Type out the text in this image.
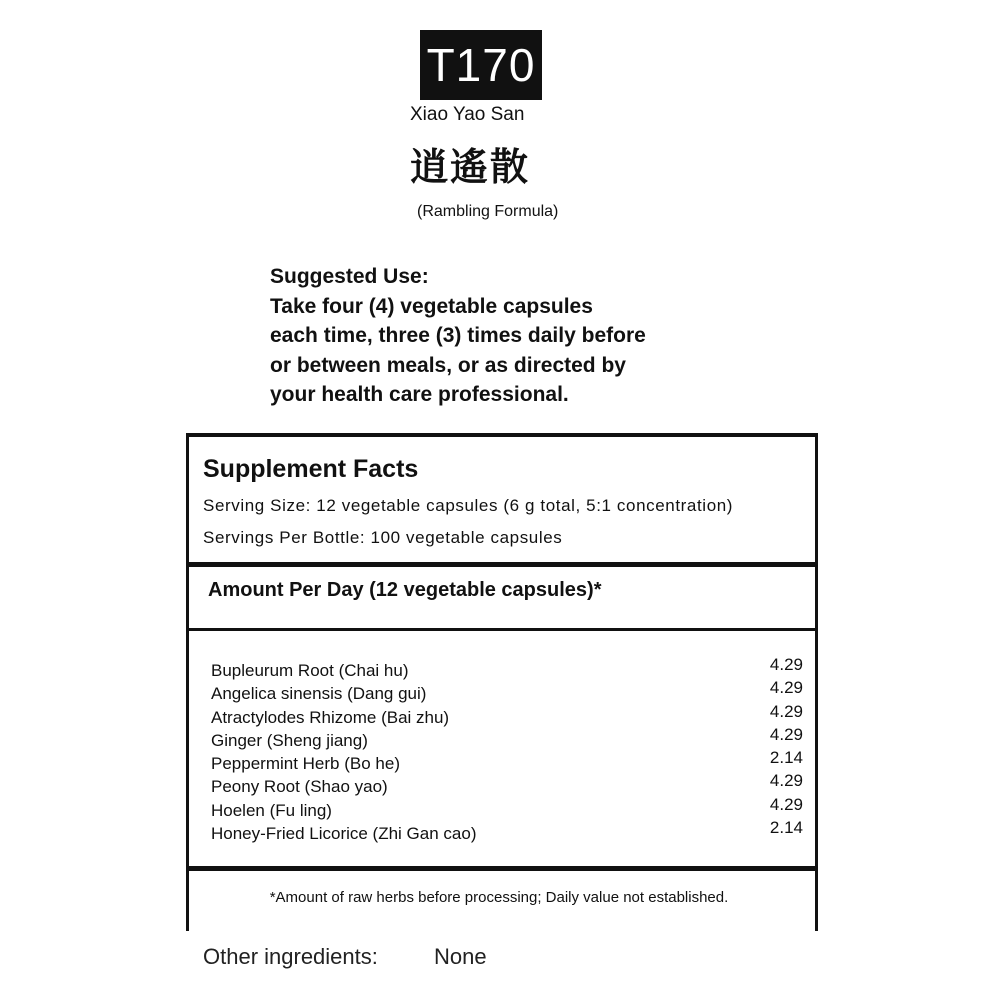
T170
Xiao Yao San
逍遙散
(Rambling Formula)
Suggested Use:
Take four (4) vegetable capsules
each time, three (3) times daily before
or between meals, or as directed by
your health care professional.
Supplement Facts
Serving Size: 12 vegetable capsules (6 g total, 5:1 concentration)
Servings Per Bottle: 100 vegetable capsules
Amount Per Day (12 vegetable capsules)*
Bupleurum Root (Chai hu)
Angelica sinensis (Dang gui)
Atractylodes Rhizome (Bai zhu)
Ginger (Sheng jiang)
Peppermint Herb (Bo he)
Peony Root (Shao yao)
Hoelen (Fu ling)
Honey-Fried Licorice (Zhi Gan cao)
4.29
4.29
4.29
4.29
2.14
4.29
4.29
2.14
*Amount of raw herbs before processing; Daily value not established.
Other ingredients:	None
